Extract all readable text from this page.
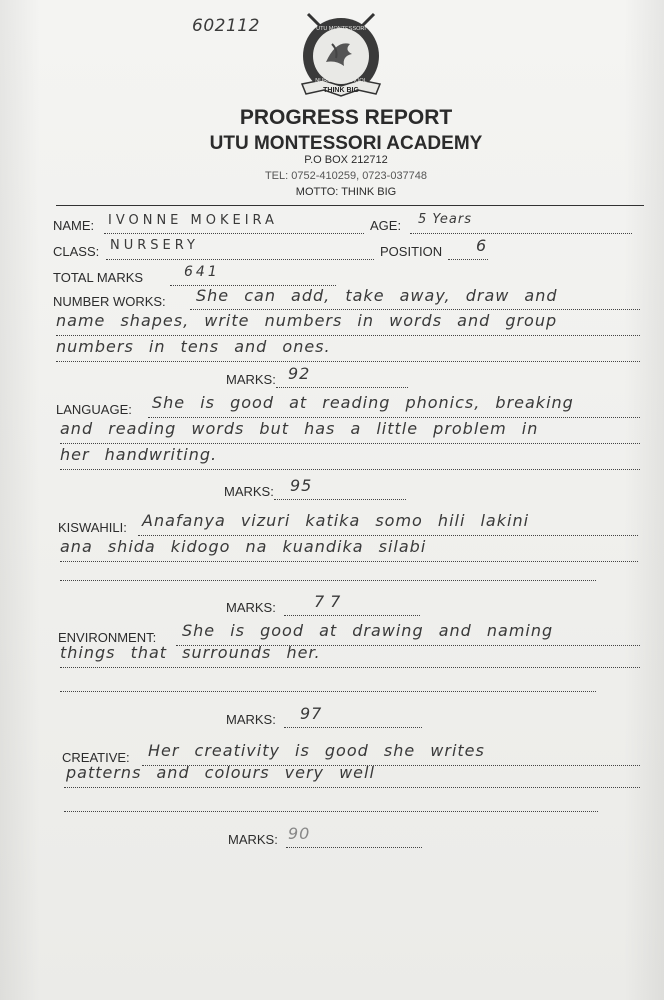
602112
THINK BIG
UTU MONTESSORI
NURSERY SCHOOL
PROGRESS REPORT
UTU MONTESSORI ACADEMY
P.O BOX 212712
TEL: 0752-410259, 0723-037748
MOTTO: THINK BIG
NAME: IVONNE MOKEIRA	AGE: 5 Years
CLASS: NURSERY	POSITION 6
TOTAL MARKS	641
NUMBER WORKS: She can add, take away, draw and
name shapes, write numbers in words and group
numbers in tens and ones.
MARKS: 92
LANGUAGE: She is good at reading phonics, breaking
and reading words but has a little problem in
her handwriting.
MARKS: 95
KISWAHILI: Anafanya vizuri katika somo hili lakini
ana shida kidogo na kuandika silabi
MARKS: 77
ENVIRONMENT: She is good at drawing and naming
things that surrounds her.
MARKS: 97
CREATIVE: Her creativity is good she writes
patterns and colours very well
MARKS: 90
